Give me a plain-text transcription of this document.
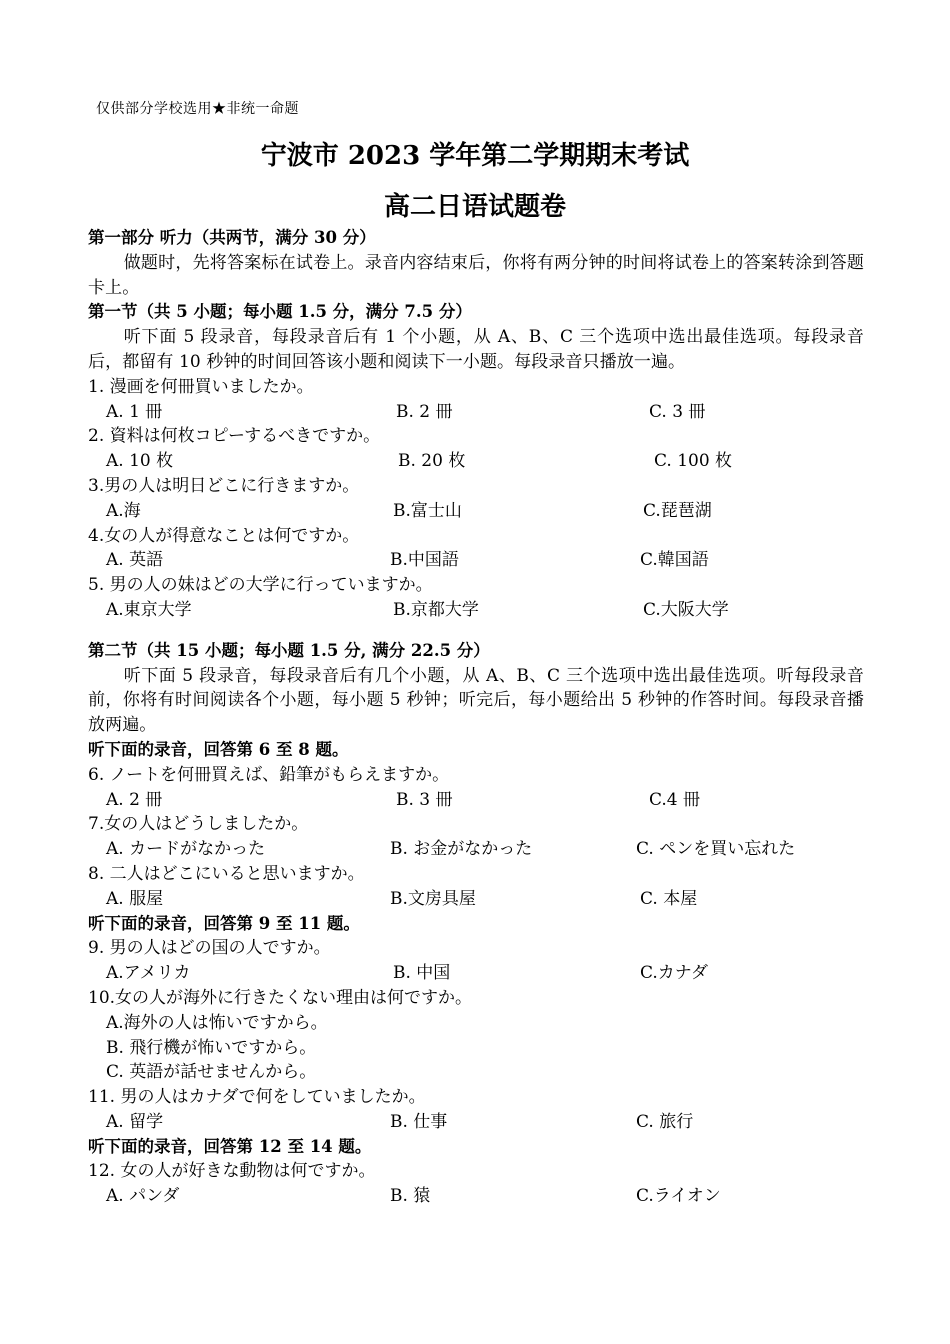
仅供部分学校选用★非统一命题
宁波市 2023 学年第二学期期末考试
高二日语试题卷
第一部分 听力（共两节，满分 30 分）
做题时，先将答案标在试卷上。录音内容结束后，你将有两分钟的时间将试卷上的答案转涂到答题卡上。
第一节（共 5 小题；每小题 1.5 分，满分 7.5 分）
听下面 5 段录音，每段录音后有 1 个小题，从 A、B、C 三个选项中选出最佳选项。每段录音后，都留有 10 秒钟的时间回答该小题和阅读下一小题。每段录音只播放一遍。
1. 漫画を何冊買いましたか。
A. 1 冊	B. 2 冊	C. 3 冊
2. 資料は何枚コピーするべきですか。
A. 10 枚	B. 20 枚	C. 100 枚
3.男の人は明日どこに行きますか。
A.海	B.富士山	C.琵琶湖
4.女の人が得意なことは何ですか。
A. 英語	B.中国語	C.韓国語
5. 男の人の妹はどの大学に行っていますか。
A.東京大学	B.京都大学	C.大阪大学
第二节（共 15 小题；每小题 1.5 分, 满分 22.5 分）
听下面 5 段录音，每段录音后有几个小题，从 A、B、C 三个选项中选出最佳选项。听每段录音前，你将有时间阅读各个小题，每小题 5 秒钟；听完后，每小题给出 5 秒钟的作答时间。每段录音播放两遍。
听下面的录音，回答第 6 至 8 题。
6. ノートを何冊買えば、鉛筆がもらえますか。
A. 2 冊	B. 3 冊	C.4 冊
7.女の人はどうしましたか。
A. カードがなかった	B. お金がなかった	C. ペンを買い忘れた
8. 二人はどこにいると思いますか。
A. 服屋	B.文房具屋	C. 本屋
听下面的录音，回答第 9 至 11 题。
9. 男の人はどの国の人ですか。
A.アメリカ	B. 中国	C.カナダ
10.女の人が海外に行きたくない理由は何ですか。
A.海外の人は怖いですから。
B. 飛行機が怖いですから。
C. 英語が話せませんから。
11. 男の人はカナダで何をしていましたか。
A. 留学	B. 仕事	C. 旅行
听下面的录音，回答第 12 至 14 题。
12. 女の人が好きな動物は何ですか。
A. パンダ	B. 猿	C.ライオン
